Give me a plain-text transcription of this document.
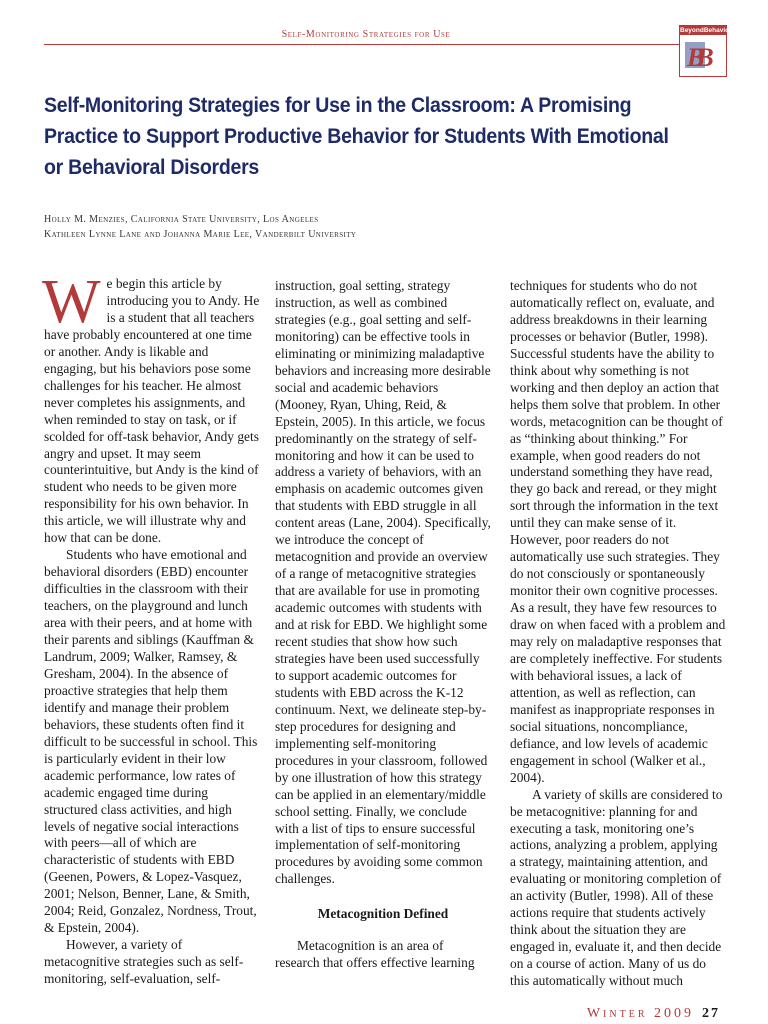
Self-Monitoring Strategies for Use	BeyondBehavior
BB
Self-Monitoring Strategies for Use in the Classroom: A Promising Practice to Support Productive Behavior for Students With Emotional or Behavioral Disorders
Holly M. Menzies, California State University, Los Angeles
Kathleen Lynne Lane and Johanna Marie Lee, Vanderbilt University

We begin this article by introducing you to Andy. He is a student that all teachers have probably encountered at one time or another. Andy is likable and engaging, but his behaviors pose some challenges for his teacher. He almost never completes his assignments, and when reminded to stay on task, or if scolded for off-task behavior, Andy gets angry and upset. It may seem counterintuitive, but Andy is the kind of student who needs to be given more responsibility for his own behavior. In this article, we will illustrate why and how that can be done.

Students who have emotional and behavioral disorders (EBD) encounter difficulties in the classroom with their teachers, on the playground and lunch area with their peers, and at home with their parents and siblings (Kauffman & Landrum, 2009; Walker, Ramsey, & Gresham, 2004). In the absence of proactive strategies that help them identify and manage their problem behaviors, these students often find it difficult to be successful in school. This is particularly evident in their low academic performance, low rates of academic engaged time during structured class activities, and high levels of negative social interactions with peers—all of which are characteristic of students with EBD (Geenen, Powers, & Lopez-Vasquez, 2001; Nelson, Benner, Lane, & Smith, 2004; Reid, Gonzalez, Nordness, Trout, & Epstein, 2004).

However, a variety of metacognitive strategies such as self-monitoring, self-evaluation, self-

instruction, goal setting, strategy instruction, as well as combined strategies (e.g., goal setting and self-monitoring) can be effective tools in eliminating or minimizing maladaptive behaviors and increasing more desirable social and academic behaviors (Mooney, Ryan, Uhing, Reid, & Epstein, 2005). In this article, we focus predominantly on the strategy of self-monitoring and how it can be used to address a variety of behaviors, with an emphasis on academic outcomes given that students with EBD struggle in all content areas (Lane, 2004). Specifically, we introduce the concept of metacognition and provide an overview of a range of metacognitive strategies that are available for use in promoting academic outcomes with students with and at risk for EBD. We highlight some recent studies that show how such strategies have been used successfully to support academic outcomes for students with EBD across the K-12 continuum. Next, we delineate step-by-step procedures for designing and implementing self-monitoring procedures in your classroom, followed by one illustration of how this strategy can be applied in an elementary/middle school setting. Finally, we conclude with a list of tips to ensure successful implementation of self-monitoring procedures by avoiding some common challenges.

Metacognition Defined

Metacognition is an area of research that offers effective learning

techniques for students who do not automatically reflect on, evaluate, and address breakdowns in their learning processes or behavior (Butler, 1998). Successful students have the ability to think about why something is not working and then deploy an action that helps them solve that problem. In other words, metacognition can be thought of as “thinking about thinking.” For example, when good readers do not understand something they have read, they go back and reread, or they might sort through the information in the text until they can make sense of it. However, poor readers do not automatically use such strategies. They do not consciously or spontaneously monitor their own cognitive processes. As a result, they have few resources to draw on when faced with a problem and may rely on maladaptive responses that are completely ineffective. For students with behavioral issues, a lack of attention, as well as reflection, can manifest as inappropriate responses in social situations, noncompliance, defiance, and low levels of academic engagement in school (Walker et al., 2004).

A variety of skills are considered to be metacognitive: planning for and executing a task, monitoring one’s actions, analyzing a problem, applying a strategy, maintaining attention, and evaluating or monitoring completion of an activity (Butler, 1998). All of these actions require that students actively think about the situation they are engaged in, evaluate it, and then decide on a course of action. Many of us do this automatically without much

Winter 2009 27
